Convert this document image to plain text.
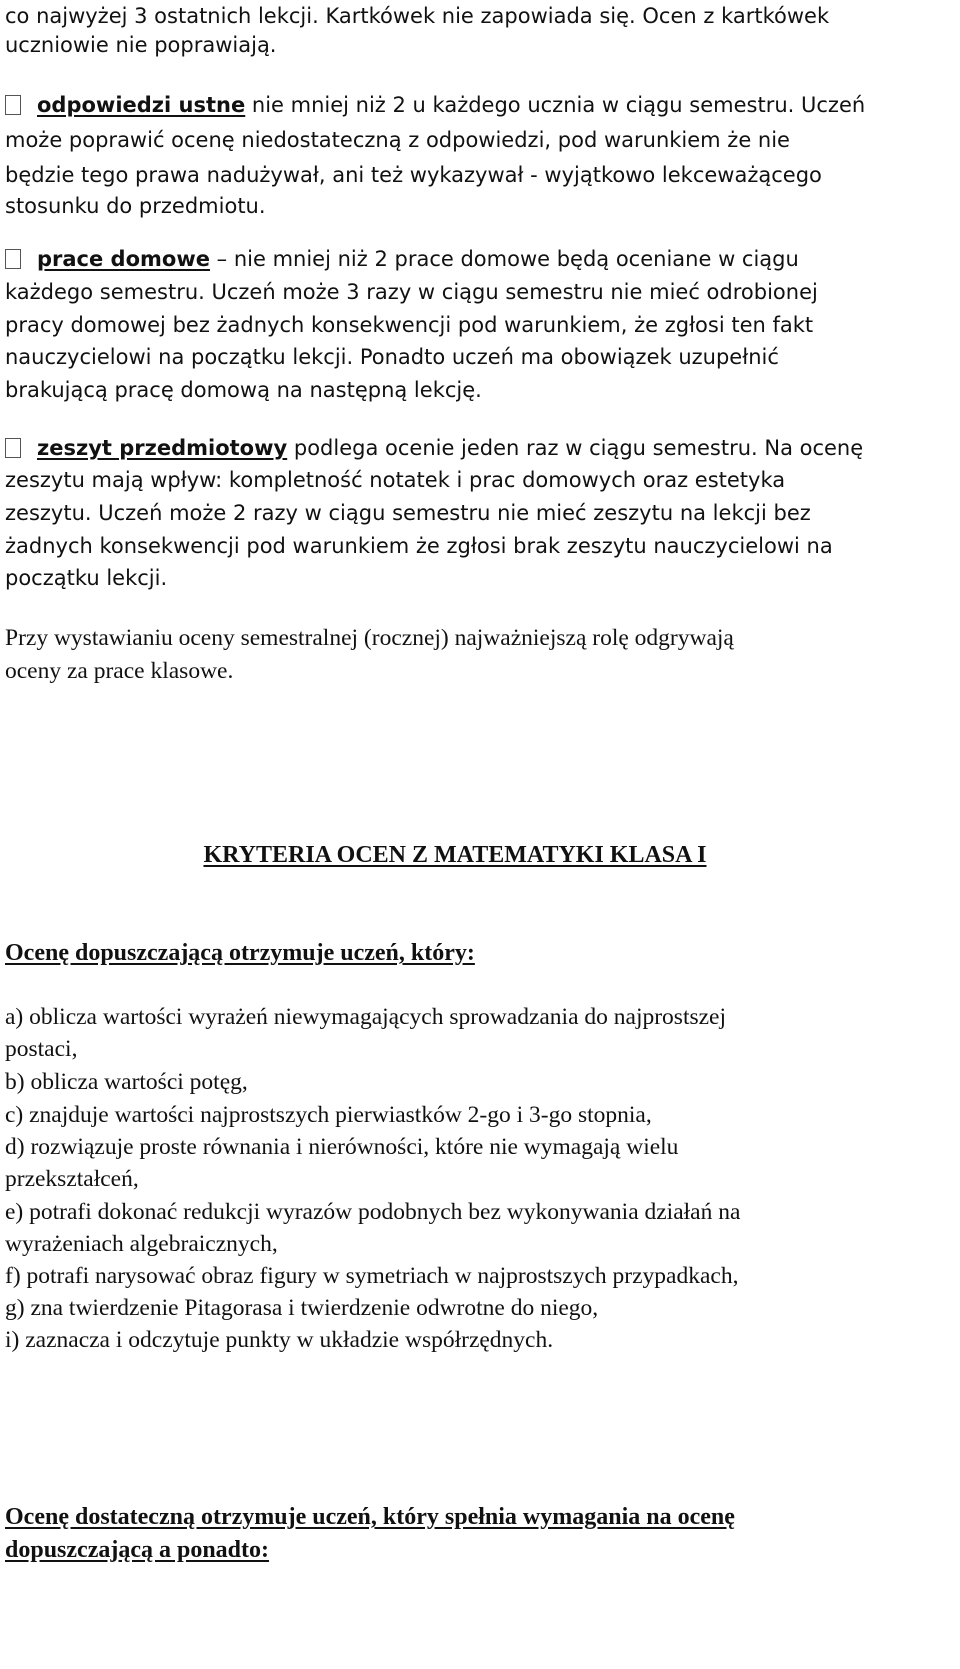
co najwyżej 3 ostatnich lekcji. Kartkówek nie zapowiada się. Ocen z kartkówek
uczniowie nie poprawiają.
odpowiedzi ustne nie mniej niż 2 u każdego ucznia w ciągu semestru. Uczeń
może poprawić ocenę niedostateczną z odpowiedzi, pod warunkiem że nie
będzie tego prawa nadużywał, ani też wykazywał - wyjątkowo lekceważącego
stosunku do przedmiotu.
prace domowe – nie mniej niż 2 prace domowe będą oceniane w ciągu
każdego semestru. Uczeń może 3 razy w ciągu semestru nie mieć odrobionej
pracy domowej bez żadnych konsekwencji pod warunkiem, że zgłosi ten fakt
nauczycielowi na początku lekcji. Ponadto uczeń ma obowiązek uzupełnić
brakującą pracę domową na następną lekcję.
zeszyt przedmiotowy podlega ocenie jeden raz w ciągu semestru. Na ocenę
zeszytu mają wpływ: kompletność notatek i prac domowych oraz estetyka
zeszytu. Uczeń może 2 razy w ciągu semestru nie mieć zeszytu na lekcji bez
żadnych konsekwencji pod warunkiem że zgłosi brak zeszytu nauczycielowi na
początku lekcji.
Przy wystawianiu oceny semestralnej (rocznej) najważniejszą rolę odgrywają
oceny za prace klasowe.
KRYTERIA OCEN Z MATEMATYKI KLASA I
Ocenę dopuszczającą otrzymuje uczeń, który:
a) oblicza wartości wyrażeń niewymagających sprowadzania do najprostszej
postaci,
b) oblicza wartości potęg,
c) znajduje wartości najprostszych pierwiastków 2-go i 3-go stopnia,
d) rozwiązuje proste równania i nierówności, które nie wymagają wielu
przekształceń,
e) potrafi dokonać redukcji wyrazów podobnych bez wykonywania działań na
wyrażeniach algebraicznych,
f) potrafi narysować obraz figury w symetriach w najprostszych przypadkach,
g) zna twierdzenie Pitagorasa i twierdzenie odwrotne do niego,
i) zaznacza i odczytuje punkty w układzie współrzędnych.
Ocenę dostateczną otrzymuje uczeń, który spełnia wymagania na ocenę
dopuszczającą a ponadto:
